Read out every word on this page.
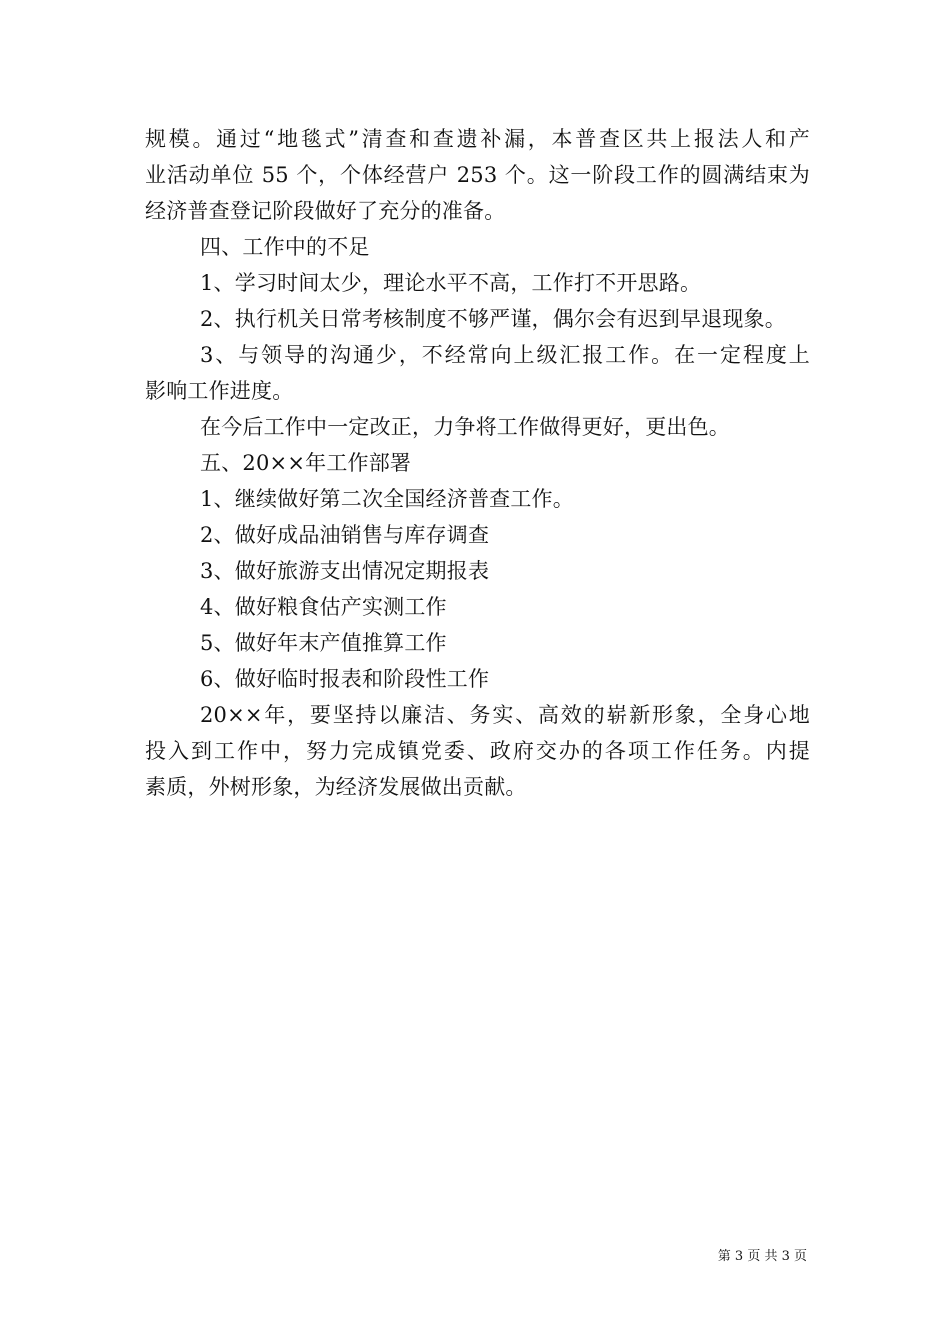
规模。通过“地毯式”清查和查遗补漏，本普查区共上报法人和产
业活动单位 55 个，个体经营户 253 个。这一阶段工作的圆满结束为
经济普查登记阶段做好了充分的准备。
四、工作中的不足
1、学习时间太少，理论水平不高，工作打不开思路。
2、执行机关日常考核制度不够严谨，偶尔会有迟到早退现象。
3、与领导的沟通少，不经常向上级汇报工作。在一定程度上
影响工作进度。
在今后工作中一定改正，力争将工作做得更好，更出色。
五、20××年工作部署
1、继续做好第二次全国经济普查工作。
2、做好成品油销售与库存调查
3、做好旅游支出情况定期报表
4、做好粮食估产实测工作
5、做好年末产值推算工作
6、做好临时报表和阶段性工作
20××年，要坚持以廉洁、务实、高效的崭新形象，全身心地
投入到工作中，努力完成镇党委、政府交办的各项工作任务。内提
素质，外树形象，为经济发展做出贡献。
第 3 页 共 3 页
